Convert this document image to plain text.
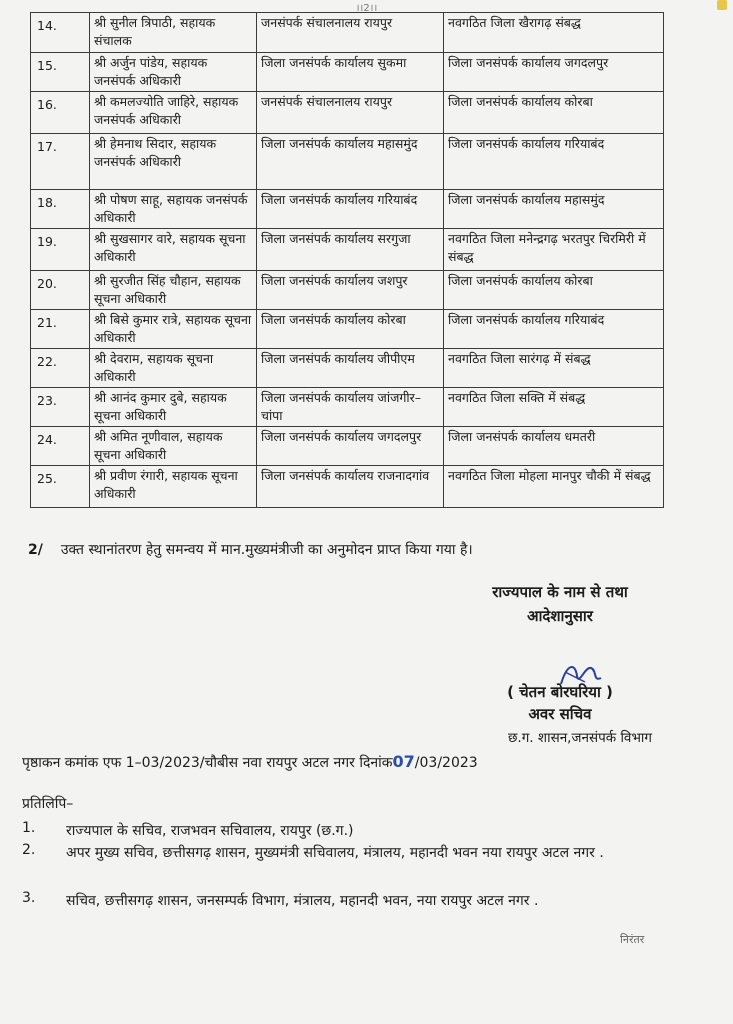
।।2।।
14.	श्री सुनील त्रिपाठी, सहायक संचालक	जनसंपर्क संचालनालय रायपुर	नवगठित जिला खैरागढ़ संबद्ध
15.	श्री अर्जुन पांडेय, सहायक जनसंपर्क अधिकारी	जिला जनसंपर्क कार्यालय सुकमा	जिला जनसंपर्क कार्यालय जगदलपुर
16.	श्री कमलज्योति जाहिरे, सहायक जनसंपर्क अधिकारी	जनसंपर्क संचालनालय रायपुर	जिला जनसंपर्क कार्यालय कोरबा
17.	श्री हेमनाथ सिदार, सहायक जनसंपर्क अधिकारी	जिला जनसंपर्क कार्यालय महासमुंद	जिला जनसंपर्क कार्यालय गरियाबंद
18.	श्री पोषण साहू, सहायक जनसंपर्क अधिकारी	जिला जनसंपर्क कार्यालय गरियाबंद	जिला जनसंपर्क कार्यालय महासमुंद
19.	श्री सुखसागर वारे, सहायक सूचना अधिकारी	जिला जनसंपर्क कार्यालय सरगुजा	नवगठित जिला मनेन्द्रगढ़ भरतपुर चिरमिरी में संबद्ध
20.	श्री सुरजीत सिंह चौहान, सहायक सूचना अधिकारी	जिला जनसंपर्क कार्यालय जशपुर	जिला जनसंपर्क कार्यालय कोरबा
21.	श्री बिसे कुमार रात्रे, सहायक सूचना अधिकारी	जिला जनसंपर्क कार्यालय कोरबा	जिला जनसंपर्क कार्यालय गरियाबंद
22.	श्री देवराम, सहायक सूचना अधिकारी	जिला जनसंपर्क कार्यालय जीपीएम	नवगठित जिला सारंगढ़ में संबद्ध
23.	श्री आनंद कुमार दुबे, सहायक सूचना अधिकारी	जिला जनसंपर्क कार्यालय जांजगीर– चांपा	नवगठित जिला सक्ति में संबद्ध
24.	श्री अमित नूणीवाल, सहायक सूचना अधिकारी	जिला जनसंपर्क कार्यालय जगदलपुर	जिला जनसंपर्क कार्यालय धमतरी
25.	श्री प्रवीण रंगारी, सहायक सूचना अधिकारी	जिला जनसंपर्क कार्यालय राजनादगांव	नवगठित जिला मोहला मानपुर चौकी में संबद्ध
2/ उक्त स्थानांतरण हेतु समन्वय में मान.मुख्यमंत्रीजी का अनुमोदन प्राप्त किया गया है।
राज्यपाल के नाम से तथा
आदेशानुसार
( चेतन बोरघरिया )
अवर सचिव
छ.ग. शासन,जनसंपर्क विभाग
पृष्ठाकन कमांक एफ 1–03/2023/चौबीस नवा रायपुर अटल नगर दिनांक07/03/2023
प्रतिलिपि–
1. राज्यपाल के सचिव, राजभवन सचिवालय, रायपुर (छ.ग.)
2. अपर मुख्य सचिव, छत्तीसगढ़ शासन, मुख्यमंत्री सचिवालय, मंत्रालय, महानदी भवन नया रायपुर अटल नगर .
3. सचिव, छत्तीसगढ़ शासन, जनसम्पर्क विभाग, मंत्रालय, महानदी भवन, नया रायपुर अटल नगर .
निरंतर
